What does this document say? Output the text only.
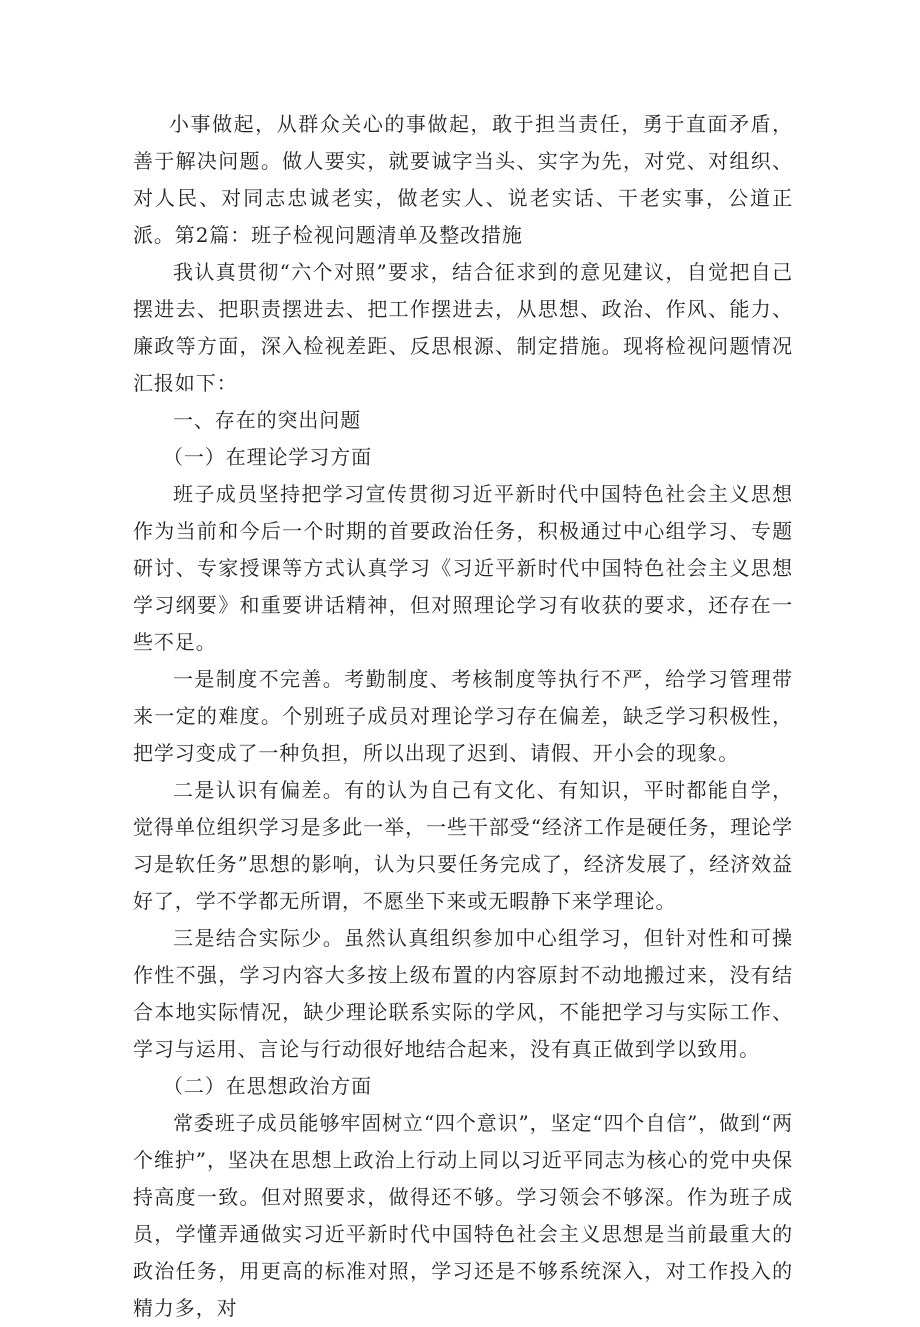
小事做起，从群众关心的事做起，敢于担当责任，勇于直面矛盾，善于解决问题。做人要实，就要诚字当头、实字为先，对党、对组织、对人民、对同志忠诚老实，做老实人、说老实话、干老实事，公道正派。第2篇：班子检视问题清单及整改措施

我认真贯彻“六个对照”要求，结合征求到的意见建议，自觉把自己摆进去、把职责摆进去、把工作摆进去，从思想、政治、作风、能力、廉政等方面，深入检视差距、反思根源、制定措施。现将检视问题情况汇报如下：

一、存在的突出问题

（一）在理论学习方面

班子成员坚持把学习宣传贯彻习近平新时代中国特色社会主义思想作为当前和今后一个时期的首要政治任务，积极通过中心组学习、专题研讨、专家授课等方式认真学习《习近平新时代中国特色社会主义思想学习纲要》和重要讲话精神，但对照理论学习有收获的要求，还存在一些不足。

一是制度不完善。考勤制度、考核制度等执行不严，给学习管理带来一定的难度。个别班子成员对理论学习存在偏差，缺乏学习积极性，把学习变成了一种负担，所以出现了迟到、请假、开小会的现象。

二是认识有偏差。有的认为自己有文化、有知识，平时都能自学，觉得单位组织学习是多此一举，一些干部受“经济工作是硬任务，理论学习是软任务”思想的影响，认为只要任务完成了，经济发展了，经济效益好了，学不学都无所谓，不愿坐下来或无暇静下来学理论。

三是结合实际少。虽然认真组织参加中心组学习，但针对性和可操作性不强，学习内容大多按上级布置的内容原封不动地搬过来，没有结合本地实际情况，缺少理论联系实际的学风，不能把学习与实际工作、学习与运用、言论与行动很好地结合起来，没有真正做到学以致用。

（二）在思想政治方面

常委班子成员能够牢固树立“四个意识”，坚定“四个自信”，做到“两个维护”，坚决在思想上政治上行动上同以习近平同志为核心的党中央保持高度一致。但对照要求，做得还不够。学习领会不够深。作为班子成员，学懂弄通做实习近平新时代中国特色社会主义思想是当前最重大的政治任务，用更高的标准对照，学习还是不够系统深入，对工作投入的精力多，对
